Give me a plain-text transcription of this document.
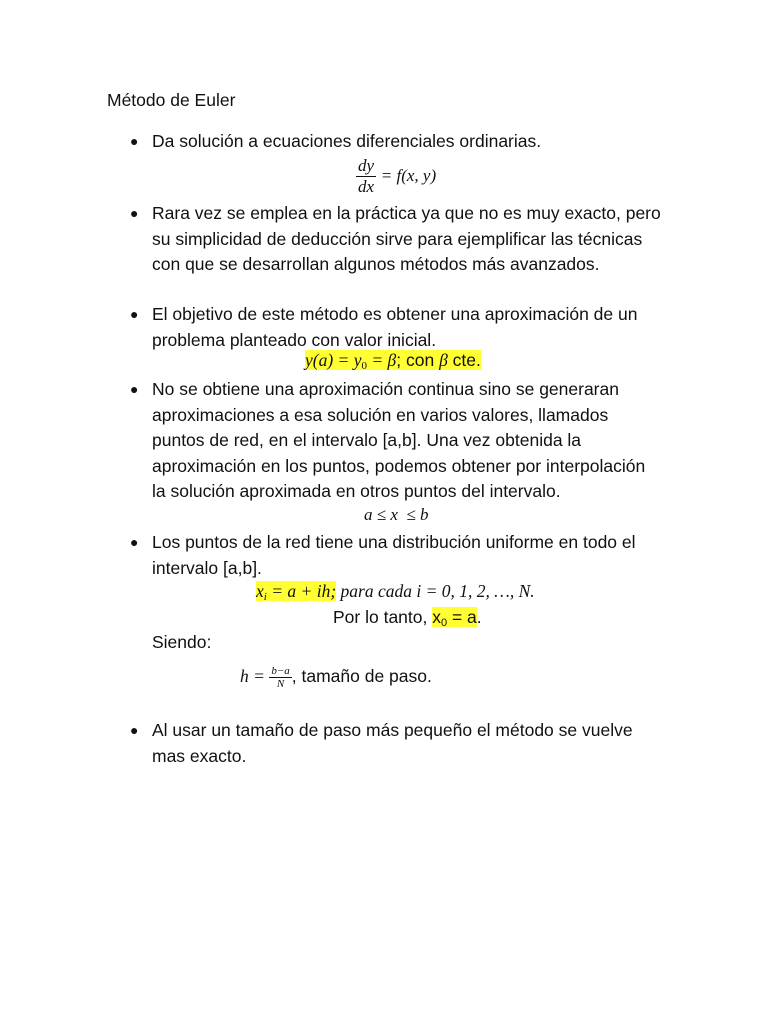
Método de Euler
● Da solución a ecuaciones diferenciales ordinarias.
$\frac{dy}{dx} = f(x$, y)
● Rara vez se emplea en la práctica ya que no es muy exacto, pero su simplicidad de deducción sirve para ejemplificar las técnicas con que se desarrollan algunos métodos más avanzados.
● El objetivo de este método es obtener una aproximación de un problema planteado con valor inicial.
$y(a) = y_0 = \beta$; con β cte.
● No se obtiene una aproximación continua sino se generaran aproximaciones a esa solución en varios valores, llamados puntos de red, en el intervalo [a,b]. Una vez obtenida la aproximación en los puntos, podemos obtener por interpolación la solución aproximada en otros puntos del intervalo.
a ≤ x  ≤ b
● Los puntos de la red tiene una distribución uniforme en todo el intervalo [a,b].
$x_i = a$ + ih; para cada i = 0, 1, 2, …, N.
Por lo tanto, $x_0 = a$.
Siendo:
$h = \frac{b-a}{N}$ , tamaño de paso.
● Al usar un tamaño de paso más pequeño el método se vuelve mas exacto.
